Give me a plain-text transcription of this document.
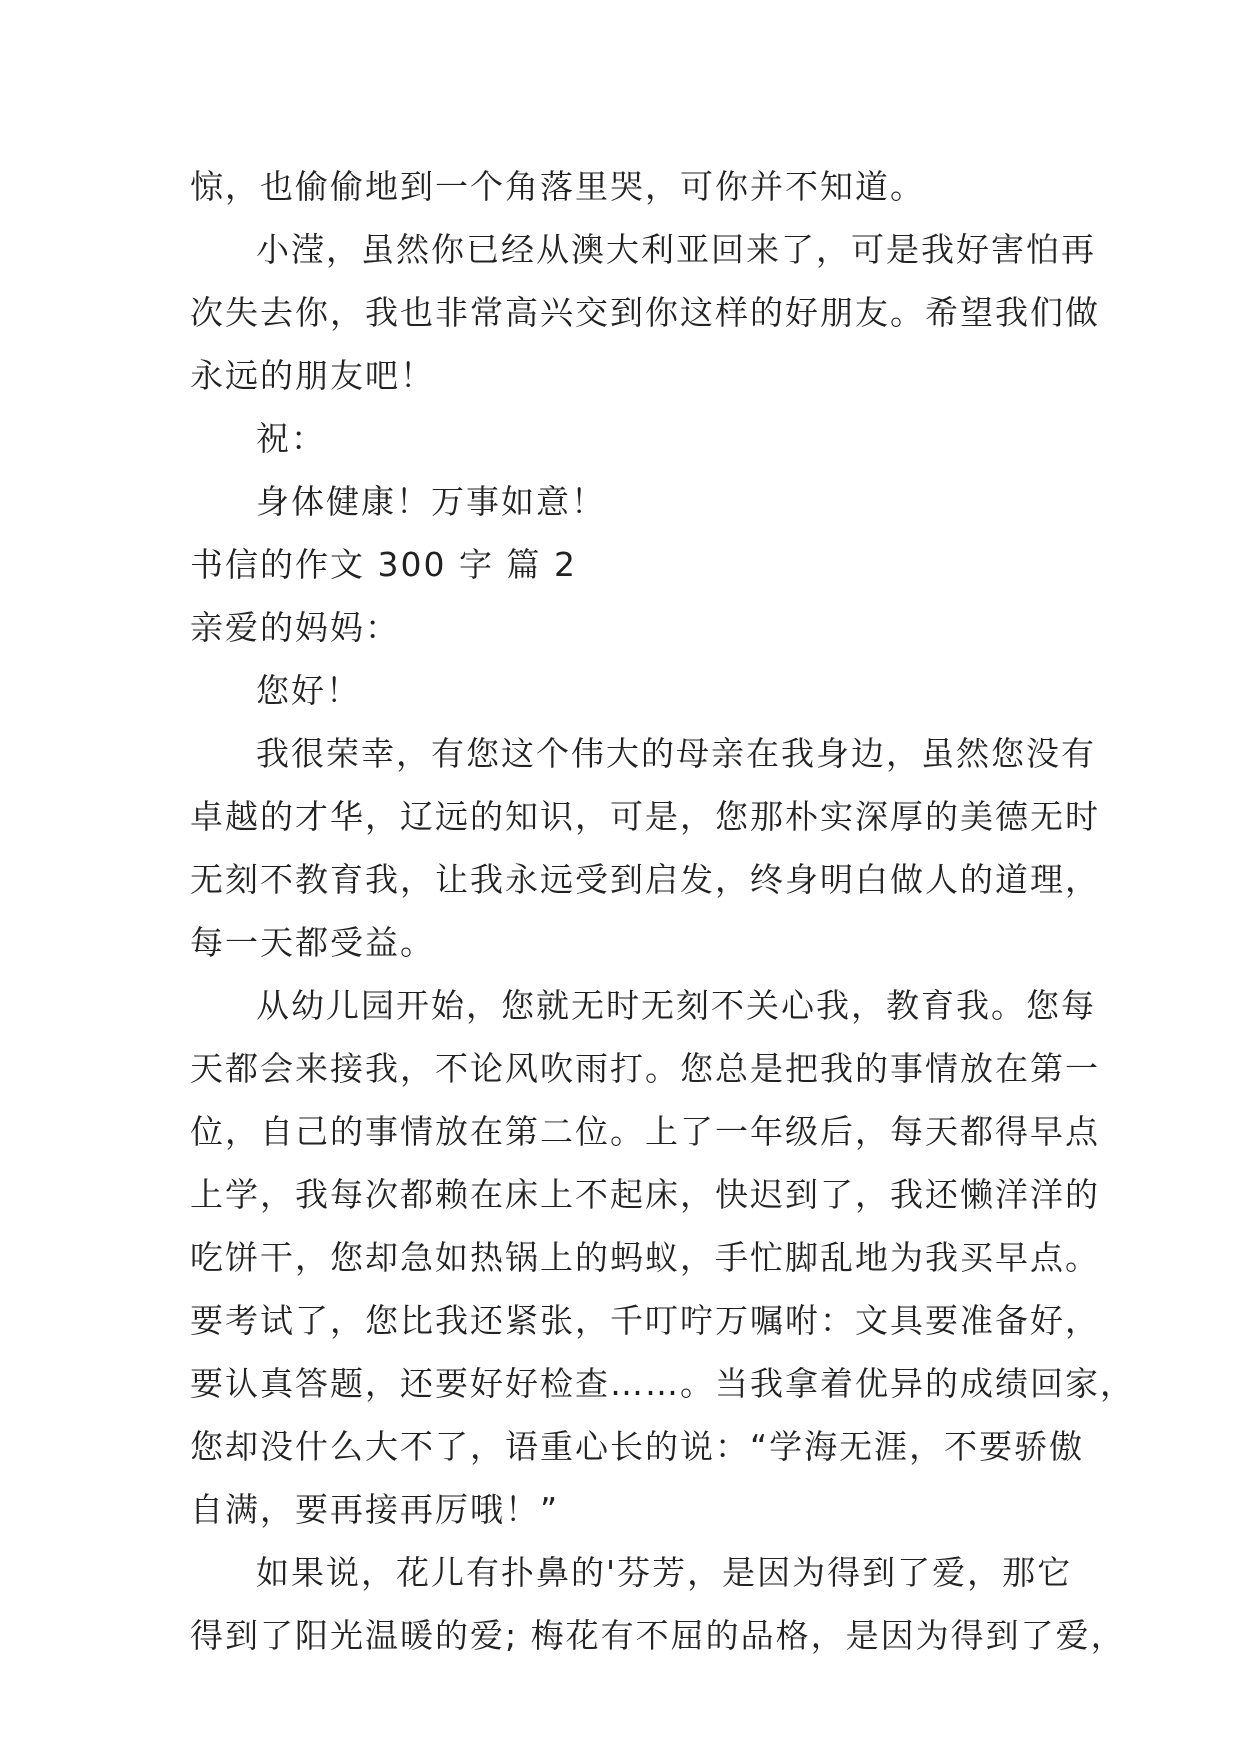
惊，也偷偷地到一个角落里哭，可你并不知道。
小滢，虽然你已经从澳大利亚回来了，可是我好害怕再
次失去你，我也非常高兴交到你这样的好朋友。希望我们做
永远的朋友吧！
祝：
身体健康！万事如意！
书信的作文 300 字 篇 2
亲爱的妈妈：
您好！
我很荣幸，有您这个伟大的母亲在我身边，虽然您没有
卓越的才华，辽远的知识，可是，您那朴实深厚的美德无时
无刻不教育我，让我永远受到启发，终身明白做人的道理，
每一天都受益。
从幼儿园开始，您就无时无刻不关心我，教育我。您每
天都会来接我，不论风吹雨打。您总是把我的事情放在第一
位，自己的事情放在第二位。上了一年级后，每天都得早点
上学，我每次都赖在床上不起床，快迟到了，我还懒洋洋的
吃饼干，您却急如热锅上的蚂蚁，手忙脚乱地为我买早点。
要考试了，您比我还紧张，千叮咛万嘱咐：文具要准备好，
要认真答题，还要好好检查……。当我拿着优异的成绩回家，
您却没什么大不了，语重心长的说：“学海无涯，不要骄傲
自满，要再接再厉哦！”
如果说，花儿有扑鼻的'芬芳，是因为得到了爱，那它
得到了阳光温暖的爱; 梅花有不屈的品格，是因为得到了爱，
